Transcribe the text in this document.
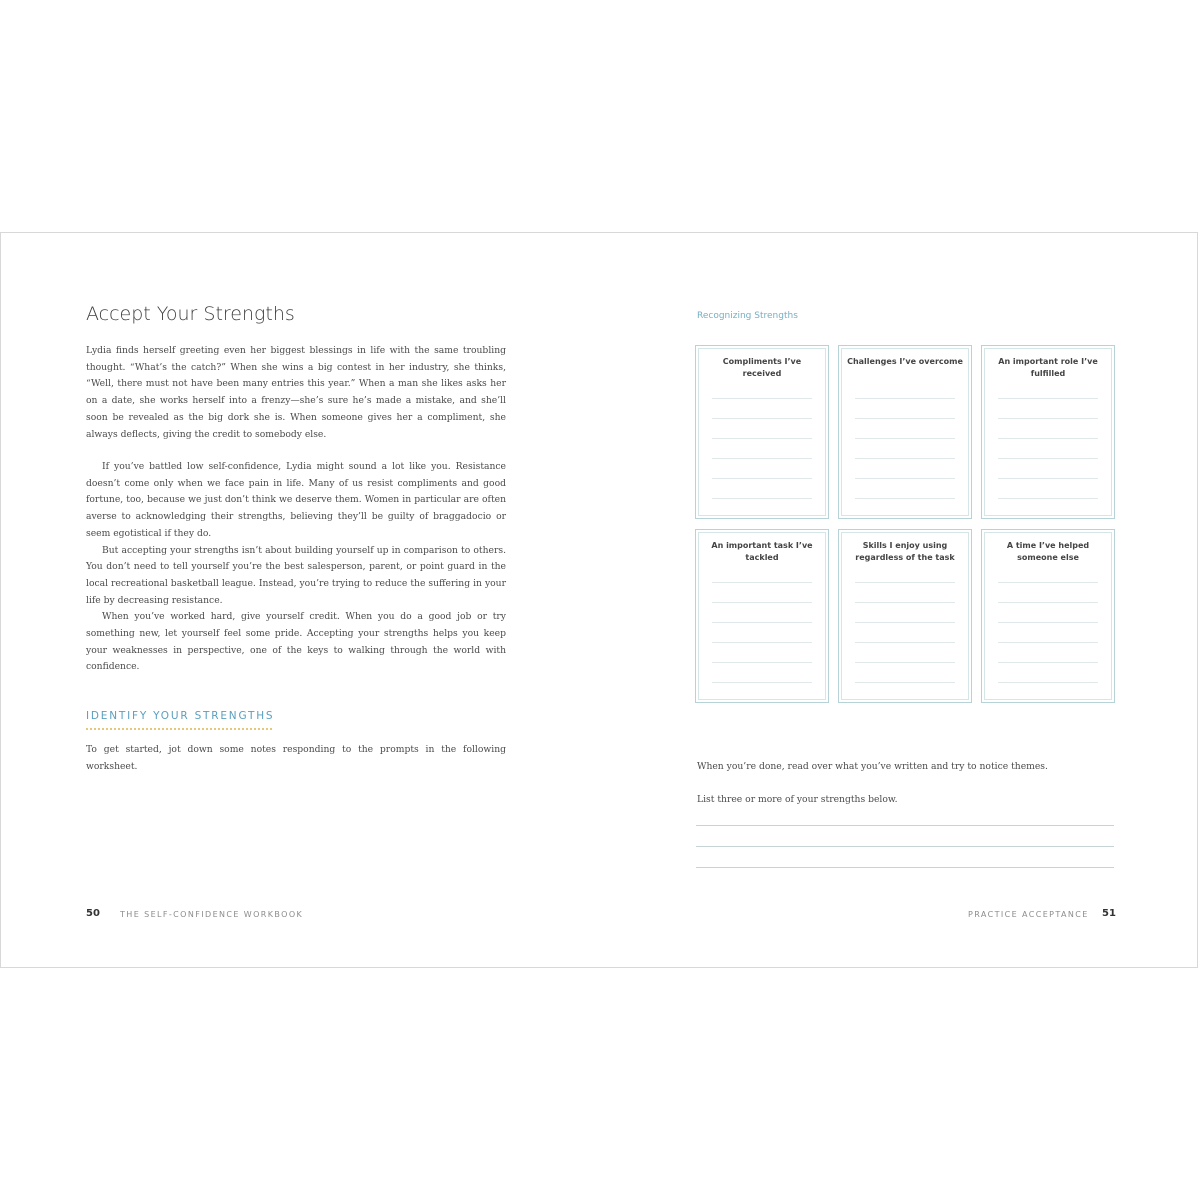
Accept Your Strengths

Lydia finds herself greeting even her biggest blessings in life with the same troubling thought. “What’s the catch?” When she wins a big contest in her industry, she thinks, “Well, there must not have been many entries this year.” When a man she likes asks her on a date, she works herself into a frenzy—she’s sure he’s made a mistake, and she’ll soon be revealed as the big dork she is. When someone gives her a compliment, she always deflects, giving the credit to somebody else.

If you’ve battled low self-confidence, Lydia might sound a lot like you. Resistance doesn’t come only when we face pain in life. Many of us resist compliments and good fortune, too, because we just don’t think we deserve them. Women in particular are often averse to acknowledging their strengths, believing they’ll be guilty of braggadocio or seem egotistical if they do.

But accepting your strengths isn’t about building yourself up in comparison to others. You don’t need to tell yourself you’re the best salesperson, parent, or point guard in the local recreational basketball league. Instead, you’re trying to reduce the suffering in your life by decreasing resistance.

When you’ve worked hard, give yourself credit. When you do a good job or try something new, let yourself feel some pride. Accepting your strengths helps you keep your weaknesses in perspective, one of the keys to walking through the world with confidence.

IDENTIFY YOUR STRENGTHS

To get started, jot down some notes responding to the prompts in the following worksheet.

50	THE SELF-CONFIDENCE WORKBOOK
Recognizing Strengths
Compliments I’ve received
Challenges I’ve overcome	An important role I’ve fulfilled
An important task I’ve tackled
Skills I enjoy using regardless of the task
A time I’ve helped someone else
When you’re done, read over what you’ve written and try to notice themes.
List three or more of your strengths below.
PRACTICE ACCEPTANCE 51
